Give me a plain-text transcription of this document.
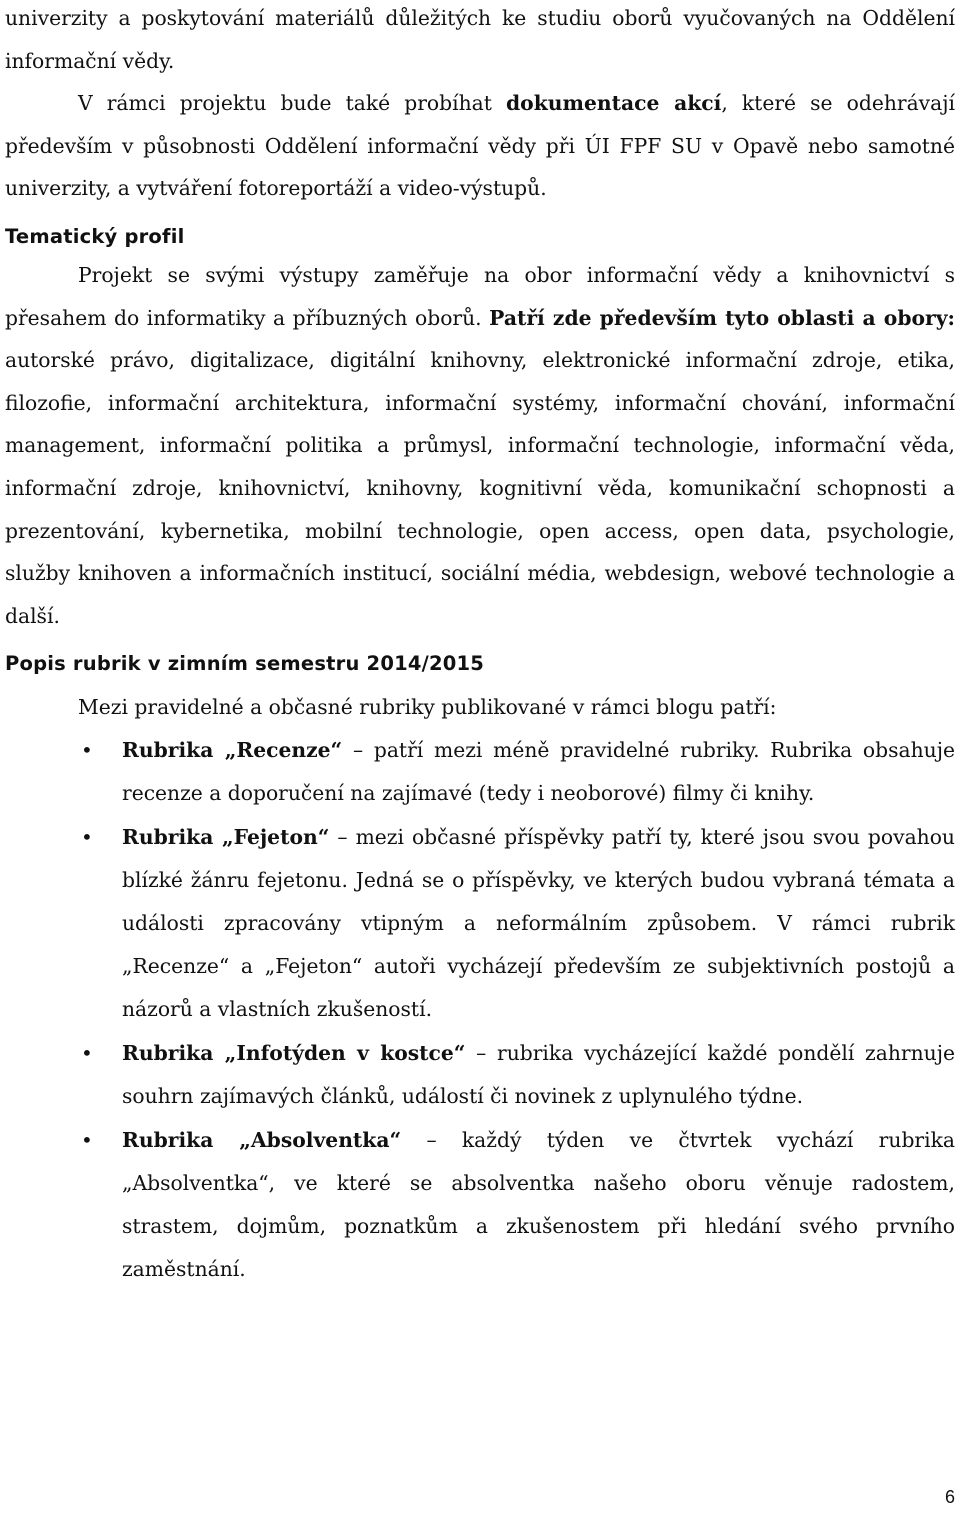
univerzity a poskytování materiálů důležitých ke studiu oborů vyučovaných na Oddělení informační vědy.

V rámci projektu bude také probíhat dokumentace akcí, které se odehrávají především v působnosti Oddělení informační vědy při ÚI FPF SU v Opavě nebo samotné univerzity, a vytváření fotoreportáží a video-výstupů.

Tematický profil

Projekt se svými výstupy zaměřuje na obor informační vědy a knihovnictví s přesahem do informatiky a příbuzných oborů. Patří zde především tyto oblasti a obory: autorské právo, digitalizace, digitální knihovny, elektronické informační zdroje, etika, filozofie, informační architektura, informační systémy, informační chování, informační management, informační politika a průmysl, informační technologie, informační věda, informační zdroje, knihovnictví, knihovny, kognitivní věda, komunikační schopnosti a prezentování, kybernetika, mobilní technologie, open access, open data, psychologie, služby knihoven a informačních institucí, sociální média, webdesign, webové technologie a další.

Popis rubrik v zimním semestru 2014/2015

Mezi pravidelné a občasné rubriky publikované v rámci blogu patří:

• Rubrika „Recenze“ – patří mezi méně pravidelné rubriky. Rubrika obsahuje recenze a doporučení na zajímavé (tedy i neoborové) filmy či knihy.

• Rubrika „Fejeton“ – mezi občasné příspěvky patří ty, které jsou svou povahou blízké žánru fejetonu. Jedná se o příspěvky, ve kterých budou vybraná témata a události zpracovány vtipným a neformálním způsobem. V rámci rubrik „Recenze“ a „Fejeton“ autoři vycházejí především ze subjektivních postojů a názorů a vlastních zkušeností.

• Rubrika „Infotýden v kostce“ – rubrika vycházející každé pondělí zahrnuje souhrn zajímavých článků, událostí či novinek z uplynulého týdne.

• Rubrika „Absolventka“ – každý týden ve čtvrtek vychází rubrika „Absolventka“, ve které se absolventka našeho oboru věnuje radostem, strastem, dojmům, poznatkům a zkušenostem při hledání svého prvního zaměstnání.

6
